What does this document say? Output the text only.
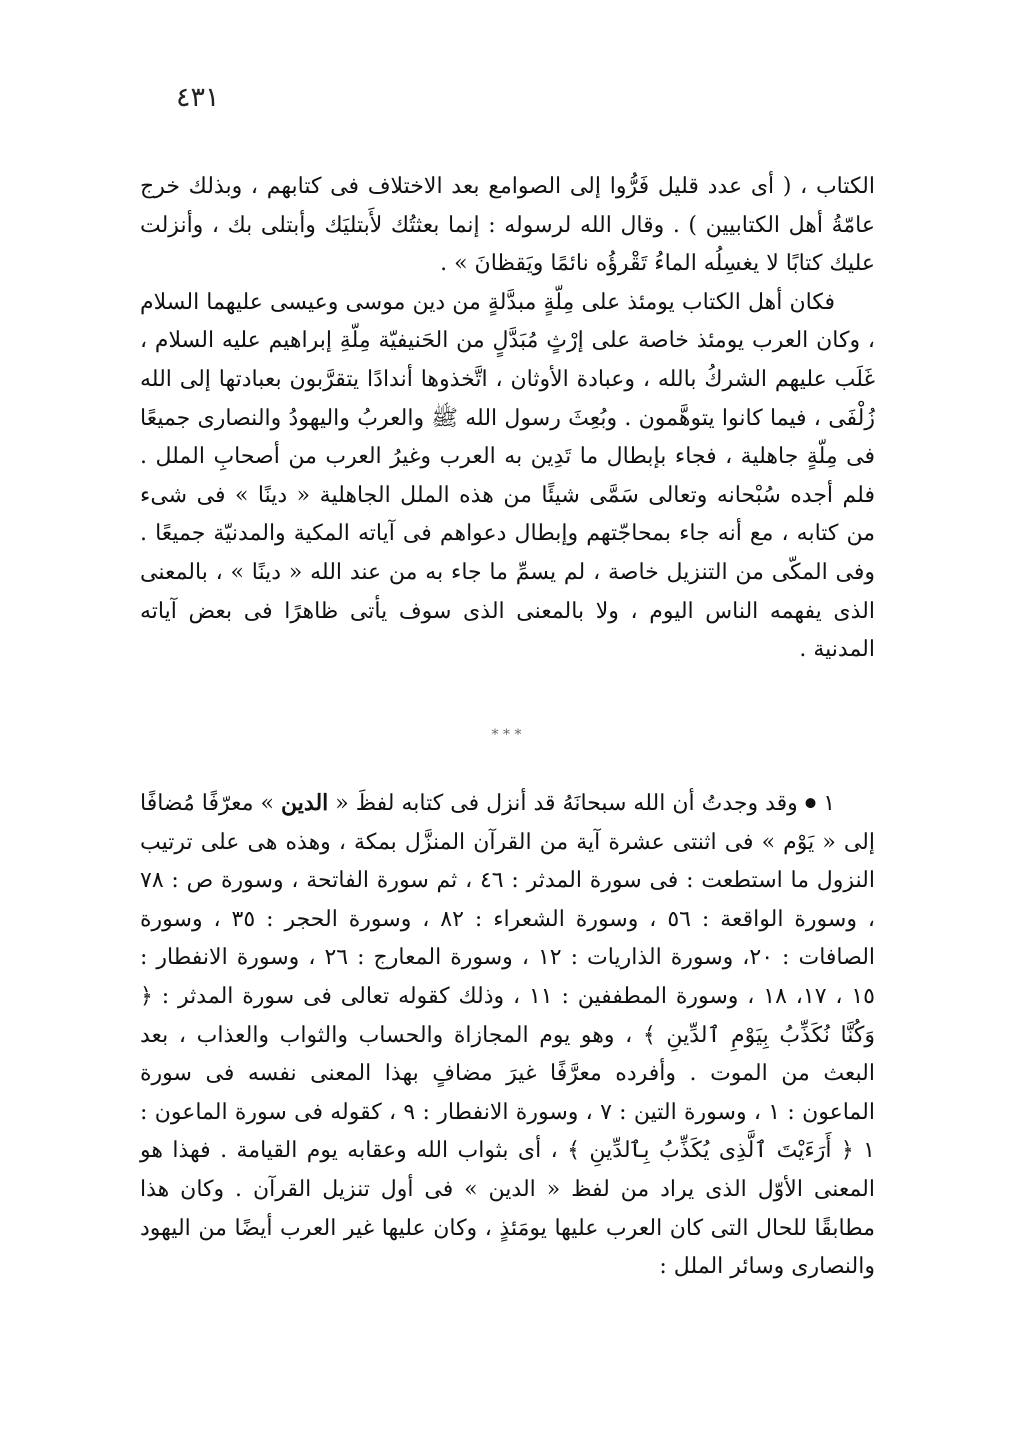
٤٣١

الكتاب ، ( أى عدد قليل فَرُّوا إلى الصوامع بعد الاختلاف فى كتابهم ، وبذلك خرج عامّةُ أهل الكتابيين ) . وقال الله لرسوله : إنما بعثتُك لأَبتليَك وأبتلى بك ، وأنزلت عليك كتابًا لا يغسِلُه الماءُ تَقْرؤُه نائمًا ويَقظانَ » .

فكان أهل الكتاب يومئذ على مِلّةٍ مبدَّلةٍ من دين موسى وعيسى عليهما السلام ، وكان العرب يومئذ خاصة على إرْثٍ مُبَدَّلٍ من الحَنيفيّة مِلّةِ إبراهيم عليه السلام ، غَلَب عليهم الشركُ بالله ، وعبادة الأوثان ، اتَّخذوها أندادًا يتقرَّبون بعبادتها إلى الله زُلْفَى ، فيما كانوا يتوهَّمون . وبُعِثَ رسول الله ﷺ والعربُ واليهودُ والنصارى جميعًا فى مِلّةٍ جاهلية ، فجاء بإبطال ما تَدِين به العرب وغيرُ العرب من أصحابِ الملل . فلم أجده سُبْحانه وتعالى سَمَّى شيئًا من هذه الملل الجاهلية « دينًا » فى شىء من كتابه ، مع أنه جاء بمحاجّتهم وإبطال دعواهم فى آياته المكية والمدنيّة جميعًا . وفى المكّى من التنزيل خاصة ، لم يسمِّ ما جاء به من عند الله « دينًا » ، بالمعنى الذى يفهمه الناس اليوم ، ولا بالمعنى الذى سوف يأتى ظاهرًا فى بعض آياته المدنية .

* * *

١ ● وقد وجدتُ أن الله سبحانَهُ قد أنزل فى كتابه لفظَ « الدين » معرّفًا مُضافًا إلى « يَوْم » فى اثنتى عشرة آية من القرآن المنزَّل بمكة ، وهذه هى على ترتيب النزول ما استطعت : فى سورة المدثر : ٤٦ ، ثم سورة الفاتحة ، وسورة ص : ٧٨ ، وسورة الواقعة : ٥٦ ، وسورة الشعراء : ٨٢ ، وسورة الحجر : ٣٥ ، وسورة الصافات : ٢٠، وسورة الذاريات : ١٢ ، وسورة المعارج : ٢٦ ، وسورة الانفطار : ١٥ ، ١٧، ١٨ ، وسورة المطففين : ١١ ، وذلك كقوله تعالى فى سورة المدثر : ﴿ وَكُنَّا نُكَذِّبُ بِيَوْمِ ٱلدِّينِ ﴾ ، وهو يوم المجازاة والحساب والثواب والعذاب ، بعد البعث من الموت . وأفرده معرَّفًا غيرَ مضافٍ بهذا المعنى نفسه فى سورة الماعون : ١ ، وسورة التين : ٧ ، وسورة الانفطار : ٩ ، كقوله فى سورة الماعون : ١ ﴿ أَرَءَيْتَ ٱلَّذِى يُكَذِّبُ بِٱلدِّينِ ﴾ ، أى بثواب الله وعقابه يوم القيامة . فهذا هو المعنى الأوّل الذى يراد من لفظ « الدين » فى أول تنزيل القرآن . وكان هذا مطابقًا للحال التى كان العرب عليها يومَئذٍ ، وكان عليها غير العرب أيضًا من اليهود والنصارى وسائر الملل :
